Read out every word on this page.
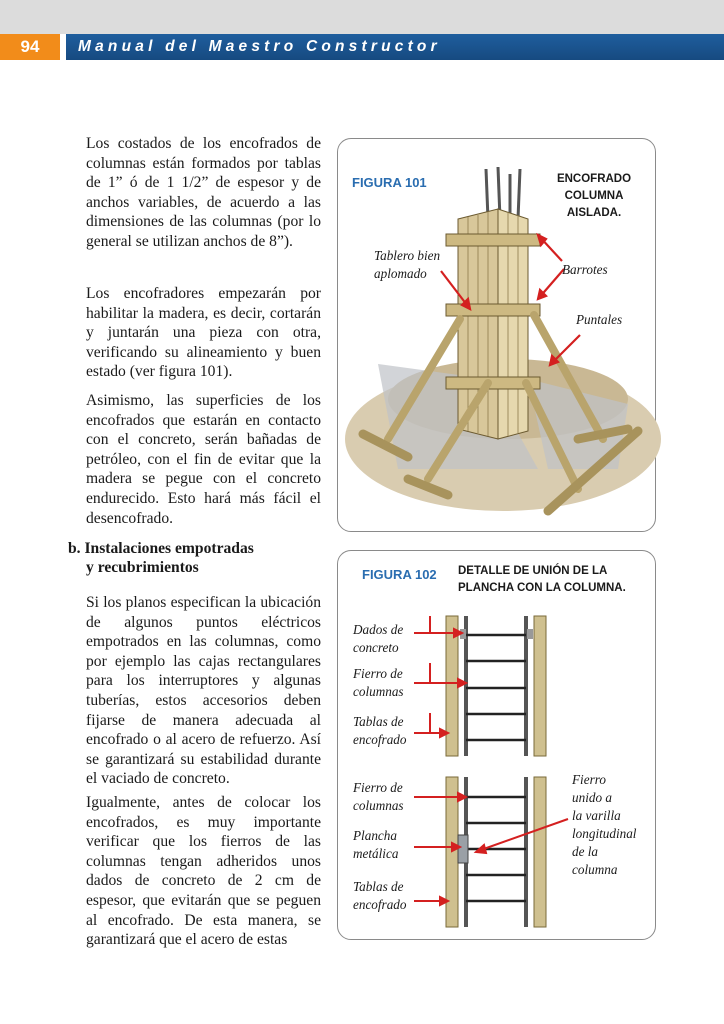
94	Manual del Maestro Constructor

Los costados de los encofrados de columnas están formados por tablas de 1” ó de 1 1/2” de espesor y de anchos variables, de acuerdo a las dimensiones de las columnas (por lo general se utilizan anchos de 8”).

Los encofradores empezarán por habilitar la madera, es decir, cortarán y juntarán una pieza con otra, verificando su alineamiento y buen estado (ver figura 101).

Asimismo, las superficies de los encofrados que estarán en contacto con el concreto, serán bañadas de petróleo, con el fin de evitar que la madera se pegue con el concreto endurecido. Esto hará más fácil el desencofrado.

b. Instalaciones empotradas
y recubrimientos

Si los planos especifican la ubicación de algunos puntos eléctricos empotrados en las columnas, como por ejemplo las cajas rectangulares para los interruptores y algunas tuberías, estos accesorios deben fijarse de manera adecuada al encofrado o al acero de refuerzo. Así se garantizará su estabilidad durante el vaciado de concreto.

Igualmente, antes de colocar los encofrados, es muy importante verificar que los fierros de las columnas tengan adheridos unos dados de concreto de 2 cm de espesor, que evitarán que se peguen al encofrado. De esta manera, se garantizará que el acero de estas

FIGURA 101	ENCOFRADO
COLUMNA
AISLADA.
Tablero bien
aplomado	Barrotes
Puntales
FIGURA 102 DETALLE DE UNIÓN DE LA
PLANCHA CON LA COLUMNA.
Dados de
concreto
Fierro de
columnas
Tablas de
encofrado
Fierro de
columnas
Plancha
metálica
Tablas de
encofrado
Fierro
unido a
la varilla
longitudinal
de la
columna
